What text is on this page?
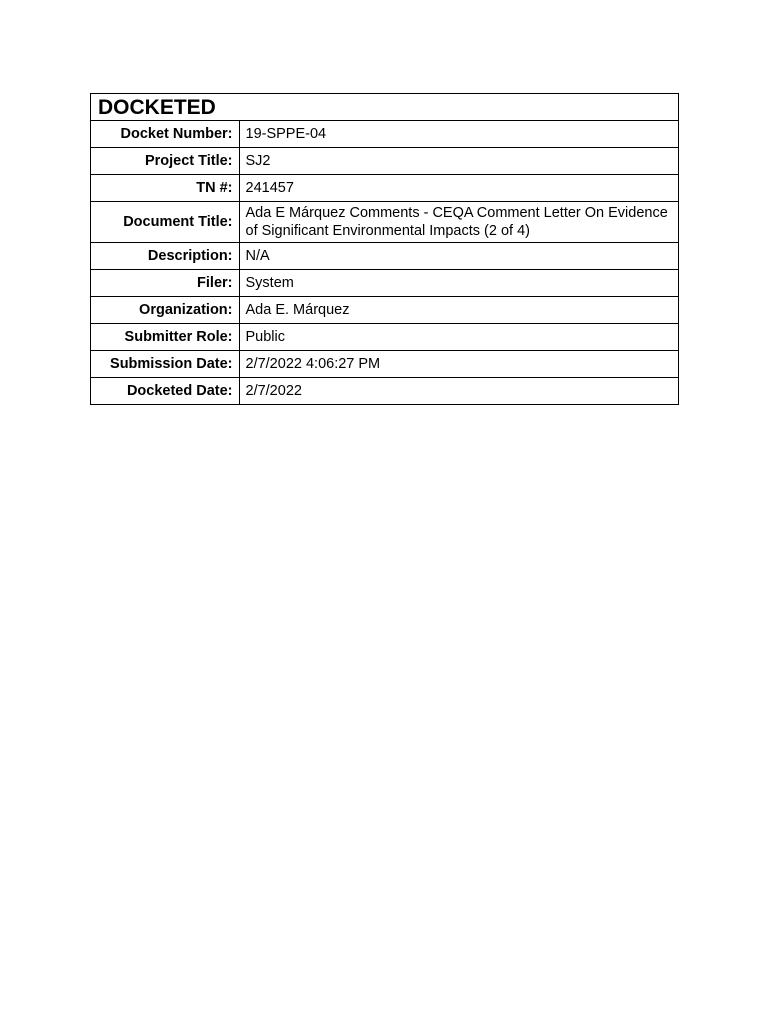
DOCKETED
Docket Number:	19-SPPE-04
Project Title:	SJ2
TN #:	241457
Document Title:	Ada E Márquez Comments - CEQA Comment Letter On Evidence of Significant Environmental Impacts (2 of 4)
Description:	N/A
Filer:	System
Organization:	Ada E. Márquez
Submitter Role:	Public
Submission Date:	2/7/2022 4:06:27 PM
Docketed Date:	2/7/2022
